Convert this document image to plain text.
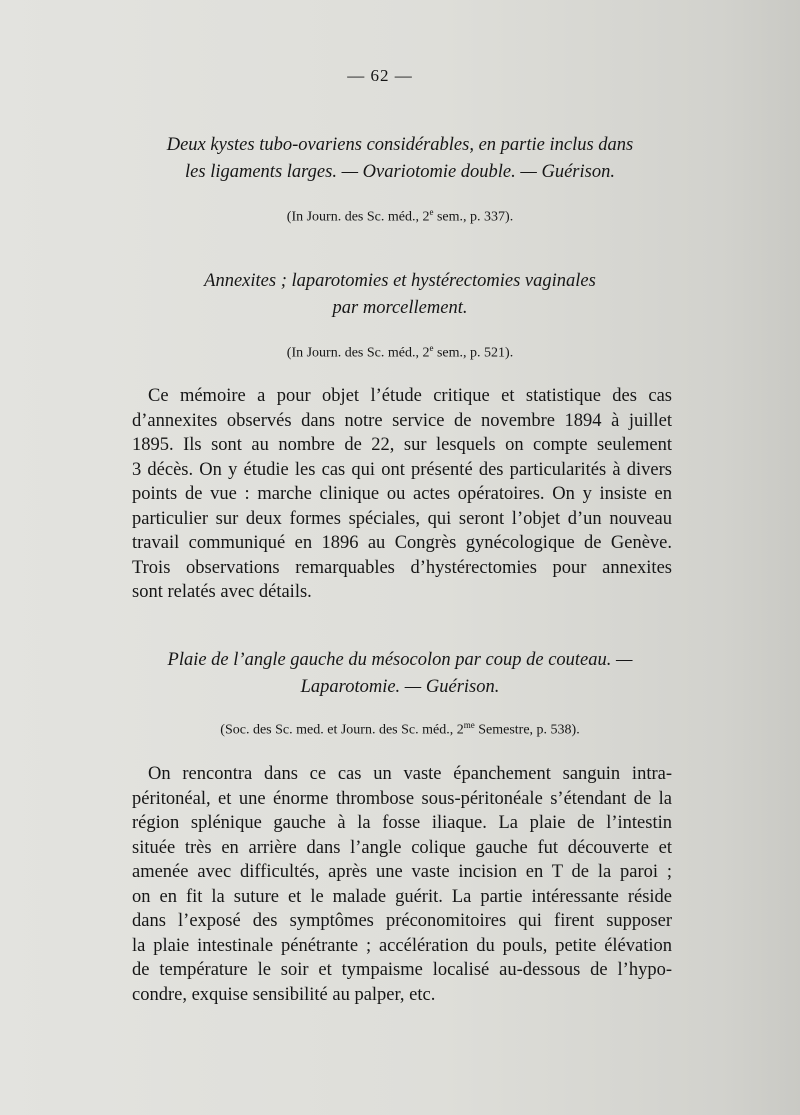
— 62 —
Deux kystes tubo-ovariens considérables, en partie inclus dans
les ligaments larges. — Ovariotomie double. — Guérison.
(In Journ. des Sc. méd., 2e sem., p. 337).
Annexites ; laparotomies et hystérectomies vaginales
par morcellement.
(In Journ. des Sc. méd., 2e sem., p. 521).
Ce mémoire a pour objet l’étude critique et statistique des cas
d’annexites observés dans notre service de novembre 1894 à juillet
1895. Ils sont au nombre de 22, sur lesquels on compte seulement
3 décès. On y étudie les cas qui ont présenté des particularités à divers
points de vue : marche clinique ou actes opératoires. On y insiste en
particulier sur deux formes spéciales, qui seront l’objet d’un nouveau
travail communiqué en 1896 au Congrès gynécologique de Genève.
Trois observations remarquables d’hystérectomies pour annexites
sont relatés avec détails.
Plaie de l’angle gauche du mésocolon par coup de couteau. —
Laparotomie. — Guérison.
(Soc. des Sc. med. et Journ. des Sc. méd., $2^{me}$ Semestre, p. 538).
On rencontra dans ce cas un vaste épanchement sanguin intra-
péritonéal, et une énorme thrombose sous-péritonéale s’étendant de la
région splénique gauche à la fosse iliaque. La plaie de l’intestin
située très en arrière dans l’angle colique gauche fut découverte et
amenée avec difficultés, après une vaste incision en T de la paroi ;
on en fit la suture et le malade guérit. La partie intéressante réside
dans l’exposé des symptômes préconomitoires qui firent supposer
la plaie intestinale pénétrante ; accélération du pouls, petite élévation
de température le soir et tympaisme localisé au-dessous de l’hypo-
condre, exquise sensibilité au palper, etc.
